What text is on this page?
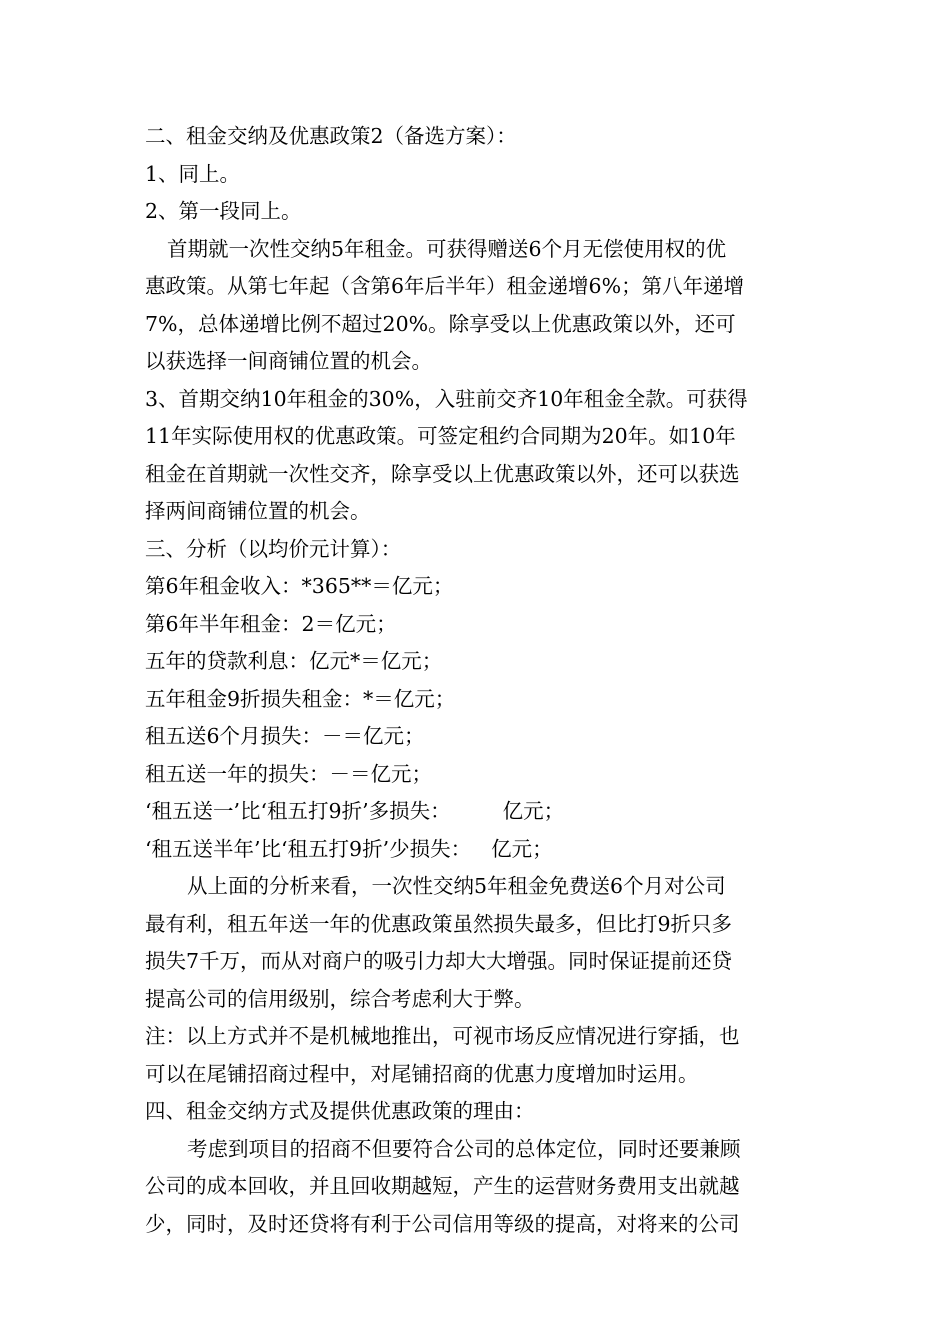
二、租金交纳及优惠政策2（备选方案）：
1、同上。
2、第一段同上。
首期就一次性交纳5年租金。可获得赠送6个月无偿使用权的优
惠政策。从第七年起（含第6年后半年）租金递增6%；第八年递增
7%，总体递增比例不超过20%。除享受以上优惠政策以外，还可
以获选择一间商铺位置的机会。
3、首期交纳10年租金的30%，入驻前交齐10年租金全款。可获得
11年实际使用权的优惠政策。可签定租约合同期为20年。如10年
租金在首期就一次性交齐，除享受以上优惠政策以外，还可以获选
择两间商铺位置的机会。
三、分析（以均价元计算）：
第6年租金收入：*365**＝亿元；
第6年半年租金：2＝亿元；
五年的贷款利息：亿元*＝亿元；
五年租金9折损失租金：*＝亿元；
租五送6个月损失：－＝亿元；
租五送一年的损失：－＝亿元；
‘租五送一’比‘租五打9折’多损失：	亿元；
‘租五送半年’比‘租五打9折’少损失： 亿元；
从上面的分析来看，一次性交纳5年租金免费送6个月对公司
最有利，租五年送一年的优惠政策虽然损失最多，但比打9折只多
损失7千万，而从对商户的吸引力却大大增强。同时保证提前还贷
提高公司的信用级别，综合考虑利大于弊。
注：以上方式并不是机械地推出，可视市场反应情况进行穿插，也
可以在尾铺招商过程中，对尾铺招商的优惠力度增加时运用。
四、租金交纳方式及提供优惠政策的理由：
考虑到项目的招商不但要符合公司的总体定位，同时还要兼顾
公司的成本回收，并且回收期越短，产生的运营财务费用支出就越
少，同时，及时还贷将有利于公司信用等级的提高，对将来的公司
